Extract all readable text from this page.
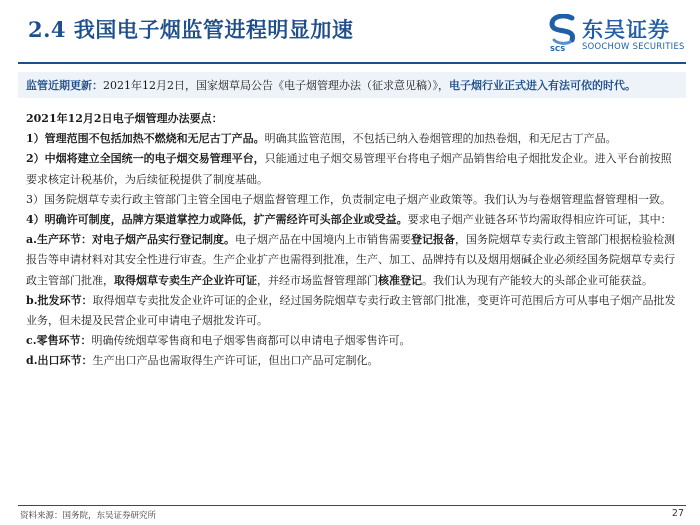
2.4 我国电子烟监管进程明显加速
SCS
东吴证券
SOOCHOW SECURITIES
监管近期更新：2021年12月2日，国家烟草局公告《电子烟管理办法（征求意见稿）》，电子烟行业正式进入有法可依的时代。
2021年12月2日电子烟管理办法要点：
1）管理范围不包括加热不燃烧和无尼古丁产品。明确其监管范围，不包括已纳入卷烟管理的加热卷烟，和无尼古丁产品。
2）中烟将建立全国统一的电子烟交易管理平台，只能通过电子烟交易管理平台将电子烟产品销售给电子烟批发企业。进入平台前按照要求核定计税基价，为后续征税提供了制度基础。
3）国务院烟草专卖行政主管部门主管全国电子烟监督管理工作，负责制定电子烟产业政策等。我们认为与卷烟管理监督管理相一致。
4）明确许可制度，品牌方渠道掌控力或降低，扩产需经许可头部企业或受益。要求电子烟产业链各环节均需取得相应许可证，其中：
a.生产环节：对电子烟产品实行登记制度。电子烟产品在中国境内上市销售需要登记报备，国务院烟草专卖行政主管部门根据检验检测报告等申请材料对其安全性进行审查。生产企业扩产也需得到批准，生产、加工、品牌持有以及烟用烟碱企业必须经国务院烟草专卖行政主管部门批准，取得烟草专卖生产企业许可证，并经市场监督管理部门核准登记。我们认为现有产能较大的头部企业可能获益。
b.批发环节：取得烟草专卖批发企业许可证的企业，经过国务院烟草专卖行政主管部门批准，变更许可范围后方可从事电子烟产品批发业务，但未提及民营企业可申请电子烟批发许可。
c.零售环节：明确传统烟草零售商和电子烟零售商都可以申请电子烟零售许可。
d.出口环节：生产出口产品也需取得生产许可证，但出口产品可定制化。
资料来源：国务院，东吴证券研究所	27
